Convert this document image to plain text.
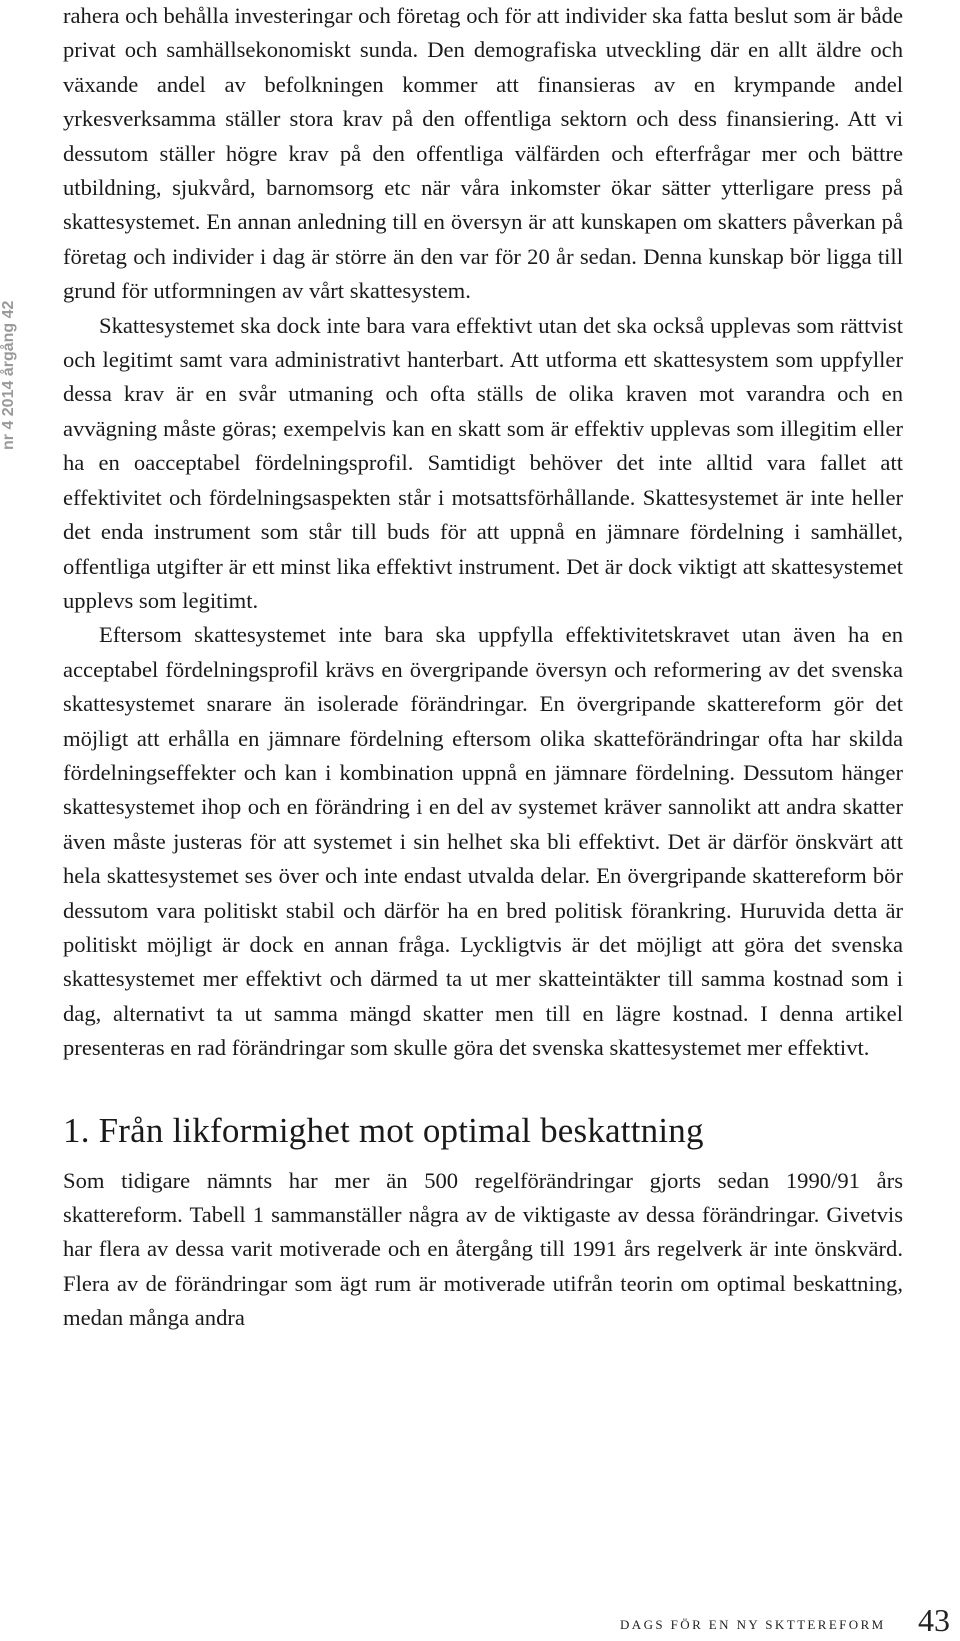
nr 4 2014 årgång 42

rahera och behålla investeringar och företag och för att individer ska fatta beslut som är både privat och samhällsekonomiskt sunda. Den demografiska utveckling där en allt äldre och växande andel av befolkningen kommer att finansieras av en krympande andel yrkesverksamma ställer stora krav på den offentliga sektorn och dess finansiering. Att vi dessutom ställer högre krav på den offentliga välfärden och efterfrågar mer och bättre utbildning, sjukvård, barnomsorg etc när våra inkomster ökar sätter ytterligare press på skattesystemet. En annan anledning till en översyn är att kunskapen om skatters påverkan på företag och individer i dag är större än den var för 20 år sedan. Denna kunskap bör ligga till grund för utformningen av vårt skattesystem.

Skattesystemet ska dock inte bara vara effektivt utan det ska också upplevas som rättvist och legitimt samt vara administrativt hanterbart. Att utforma ett skattesystem som uppfyller dessa krav är en svår utmaning och ofta ställs de olika kraven mot varandra och en avvägning måste göras; exempelvis kan en skatt som är effektiv upplevas som illegitim eller ha en oacceptabel fördelningsprofil. Samtidigt behöver det inte alltid vara fallet att effektivitet och fördelningsaspekten står i motsattsförhållande. Skattesystemet är inte heller det enda instrument som står till buds för att uppnå en jämnare fördelning i samhället, offentliga utgifter är ett minst lika effektivt instrument. Det är dock viktigt att skattesystemet upplevs som legitimt.

Eftersom skattesystemet inte bara ska uppfylla effektivitetskravet utan även ha en acceptabel fördelningsprofil krävs en övergripande översyn och reformering av det svenska skattesystemet snarare än isolerade förändringar. En övergripande skattereform gör det möjligt att erhålla en jämnare fördelning eftersom olika skatteförändringar ofta har skilda fördelningseffekter och kan i kombination uppnå en jämnare fördelning. Dessutom hänger skattesystemet ihop och en förändring i en del av systemet kräver sannolikt att andra skatter även måste justeras för att systemet i sin helhet ska bli effektivt. Det är därför önskvärt att hela skattesystemet ses över och inte endast utvalda delar. En övergripande skattereform bör dessutom vara politiskt stabil och därför ha en bred politisk förankring. Huruvida detta är politiskt möjligt är dock en annan fråga. Lyckligtvis är det möjligt att göra det svenska skattesystemet mer effektivt och därmed ta ut mer skatteintäkter till samma kostnad som i dag, alternativt ta ut samma mängd skatter men till en lägre kostnad. I denna artikel presenteras en rad förändringar som skulle göra det svenska skattesystemet mer effektivt.

1. Från likformighet mot optimal beskattning

Som tidigare nämnts har mer än 500 regelförändringar gjorts sedan 1990/91 års skattereform. Tabell 1 sammanställer några av de viktigaste av dessa förändringar. Givetvis har flera av dessa varit motiverade och en återgång till 1991 års regelverk är inte önskvärd. Flera av de förändringar som ägt rum är motiverade utifrån teorin om optimal beskattning, medan många andra

DAGS FÖR EN NY SKTTEREFORM 43
